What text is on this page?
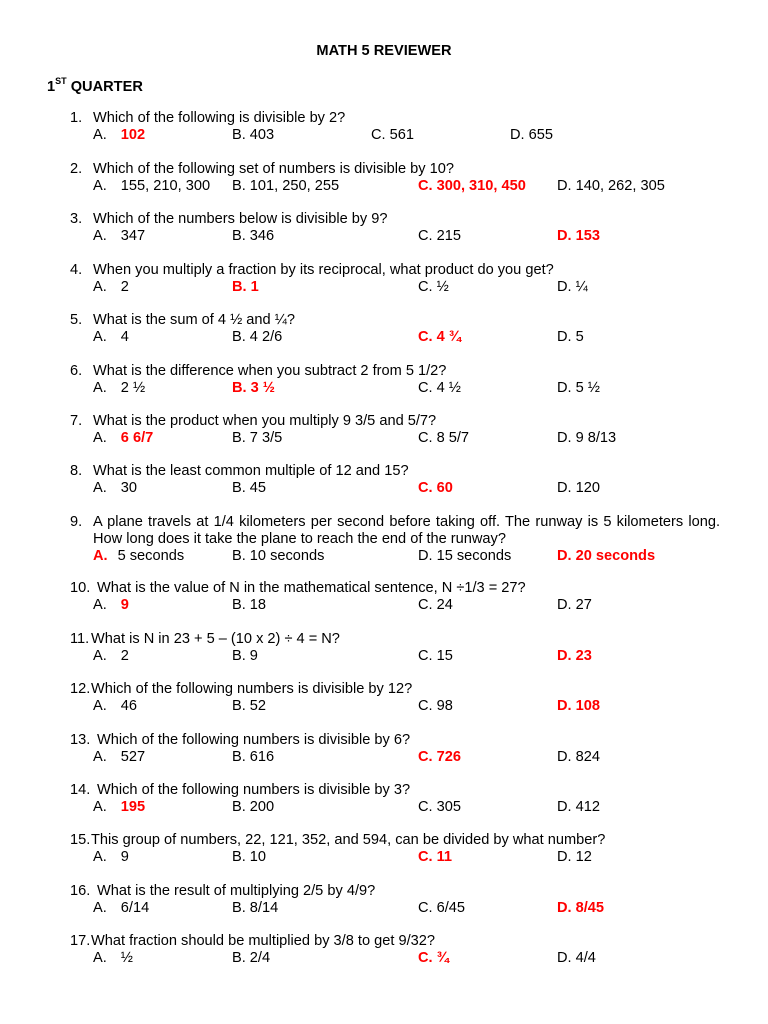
MATH 5 REVIEWER
1ST QUARTER
1. Which of the following is divisible by 2?
A. 102	B. 403	C. 561	D. 655
2. Which of the following set of numbers is divisible by 10?
A. 155, 210, 300 B. 101, 250, 255	C. 300, 310, 450 D. 140, 262, 305
3. Which of the numbers below is divisible by 9?
A. 347	B. 346	C. 215	D. 153
4. When you multiply a fraction by its reciprocal, what product do you get?
A. 2	B. 1	C. ½	D. ¼
5. What is the sum of 4 ½ and ¼?
A. 4	B. 4 2/6	C. 4 ¾	D. 5
6. What is the difference when you subtract 2 from 5 1/2?
A. 2 ½	B. 3 ½	C. 4 ½	D. 5 ½
7. What is the product when you multiply 9 3/5 and 5/7?
A. 6 6/7	B. 7 3/5	C. 8 5/7	D. 9 8/13
8. What is the least common multiple of 12 and 15?
A. 30	B. 45	C. 60	D. 120
9. A plane travels at 1/4 kilometers per second before taking off. The runway is 5 kilometers long. How long does it take the plane to reach the end of the runway?
A. 5 seconds	B. 10 seconds	D. 15 seconds	D. 20 seconds
10. What is the value of N in the mathematical sentence, N ÷1/3 = 27?
A. 9	B. 18	C. 24	D. 27
11. What is N in 23 + 5 – (10 x 2) ÷ 4 = N?
A. 2	B. 9	C. 15	D. 23
12. Which of the following numbers is divisible by 12?
A. 46	B. 52	C. 98	D. 108
13. Which of the following numbers is divisible by 6?
A. 527	B. 616	C. 726	D. 824
14. Which of the following numbers is divisible by 3?
A. 195	B. 200	C. 305	D. 412
15. This group of numbers, 22, 121, 352, and 594, can be divided by what number?
A. 9	B. 10	C. 11	D. 12
16. What is the result of multiplying 2/5 by 4/9?
A. 6/14	B. 8/14	C. 6/45	D. 8/45
17. What fraction should be multiplied by 3/8 to get 9/32?
A. ½	B. 2/4	C. ¾	D. 4/4
